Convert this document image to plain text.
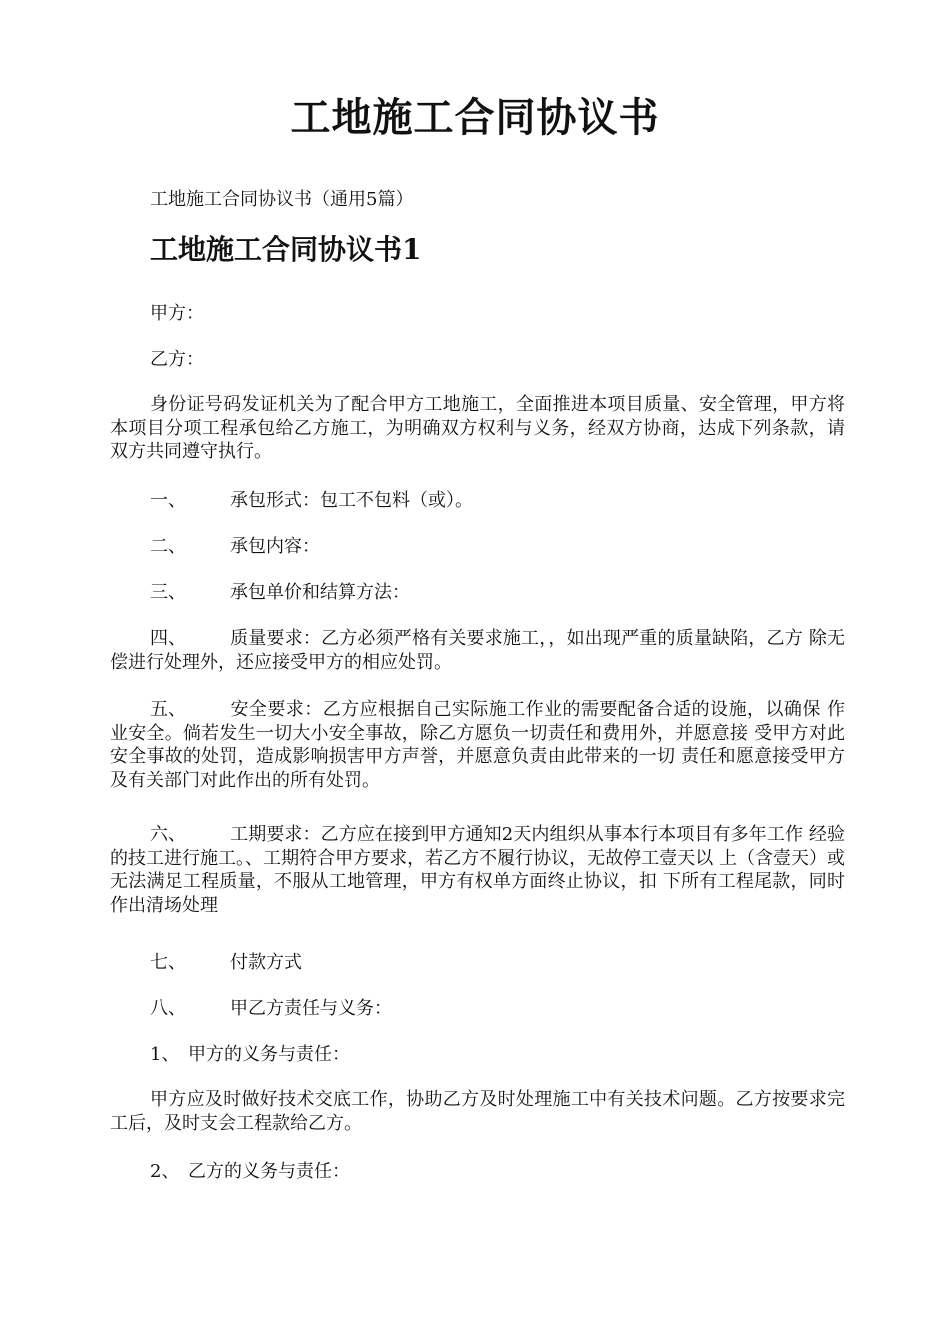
工地施工合同协议书
工地施工合同协议书（通用5篇）
工地施工合同协议书1
甲方：
乙方：
身份证号码发证机关为了配合甲方工地施工，全面推进本项目质量、安全管理，甲方将本项目分项工程承包给乙方施工，为明确双方权利与义务，经双方协商，达成下列条款，请双方共同遵守执行。
一、 承包形式：包工不包料（或）。
二、 承包内容：
三、 承包单价和结算方法：
四、 质量要求：乙方必须严格有关要求施工，，如出现严重的质量缺陷，乙方 除无偿进行处理外，还应接受甲方的相应处罚。
五、 安全要求：乙方应根据自己实际施工作业的需要配备合适的设施，以确保 作业安全。倘若发生一切大小安全事故，除乙方愿负一切责任和费用外，并愿意接 受甲方对此安全事故的处罚，造成影响损害甲方声誉，并愿意负责由此带来的一切 责任和愿意接受甲方及有关部门对此作出的所有处罚。
六、 工期要求：乙方应在接到甲方通知2天内组织从事本行本项目有多年工作 经验的技工进行施工。、工期符合甲方要求，若乙方不履行协议，无故停工壹天以 上（含壹天）或无法满足工程质量，不服从工地管理，甲方有权单方面终止协议，扣 下所有工程尾款，同时作出清场处理
七、 付款方式
八、 甲乙方责任与义务：
1、 甲方的义务与责任：
甲方应及时做好技术交底工作，协助乙方及时处理施工中有关技术问题。乙方按要求完工后，及时支会工程款给乙方。
2、 乙方的义务与责任：
